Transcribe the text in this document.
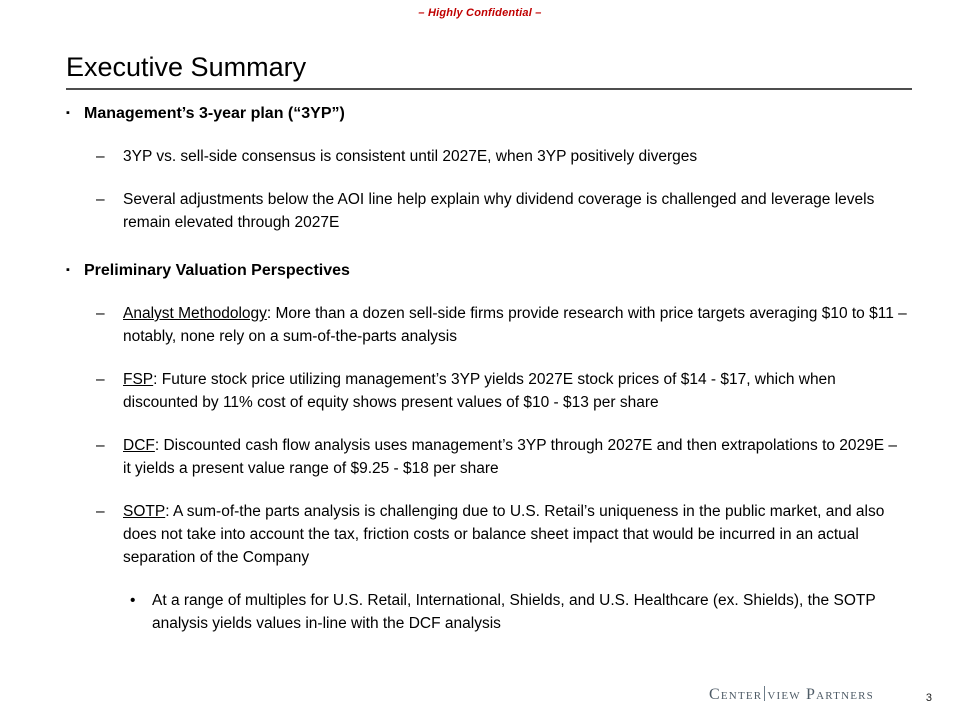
– Highly Confidential –
Executive Summary
▪ Management’s 3-year plan (“3YP”)
–	3YP vs. sell-side consensus is consistent until 2027E, when 3YP positively diverges
–	Several adjustments below the AOI line help explain why dividend coverage is challenged and leverage levels remain elevated through 2027E
▪ Preliminary Valuation Perspectives
–	Analyst Methodology: More than a dozen sell-side firms provide research with price targets averaging $10 to $11 – notably, none rely on a sum-of-the-parts analysis
–	FSP: Future stock price utilizing management’s 3YP yields 2027E stock prices of $14 - $17, which when discounted by 11% cost of equity shows present values of $10 - $13 per share
–	DCF: Discounted cash flow analysis uses management’s 3YP through 2027E and then extrapolations to 2029E – it yields a present value range of $9.25 - $18 per share
–	SOTP: A sum-of-the parts analysis is challenging due to U.S. Retail’s uniqueness in the public market, and also does not take into account the tax, friction costs or balance sheet impact that would be incurred in an actual separation of the Company
•	At a range of multiples for U.S. Retail, International, Shields, and U.S. Healthcare (ex. Shields), the SOTP analysis yields values in-line with the DCF analysis
Center view Partners	3
